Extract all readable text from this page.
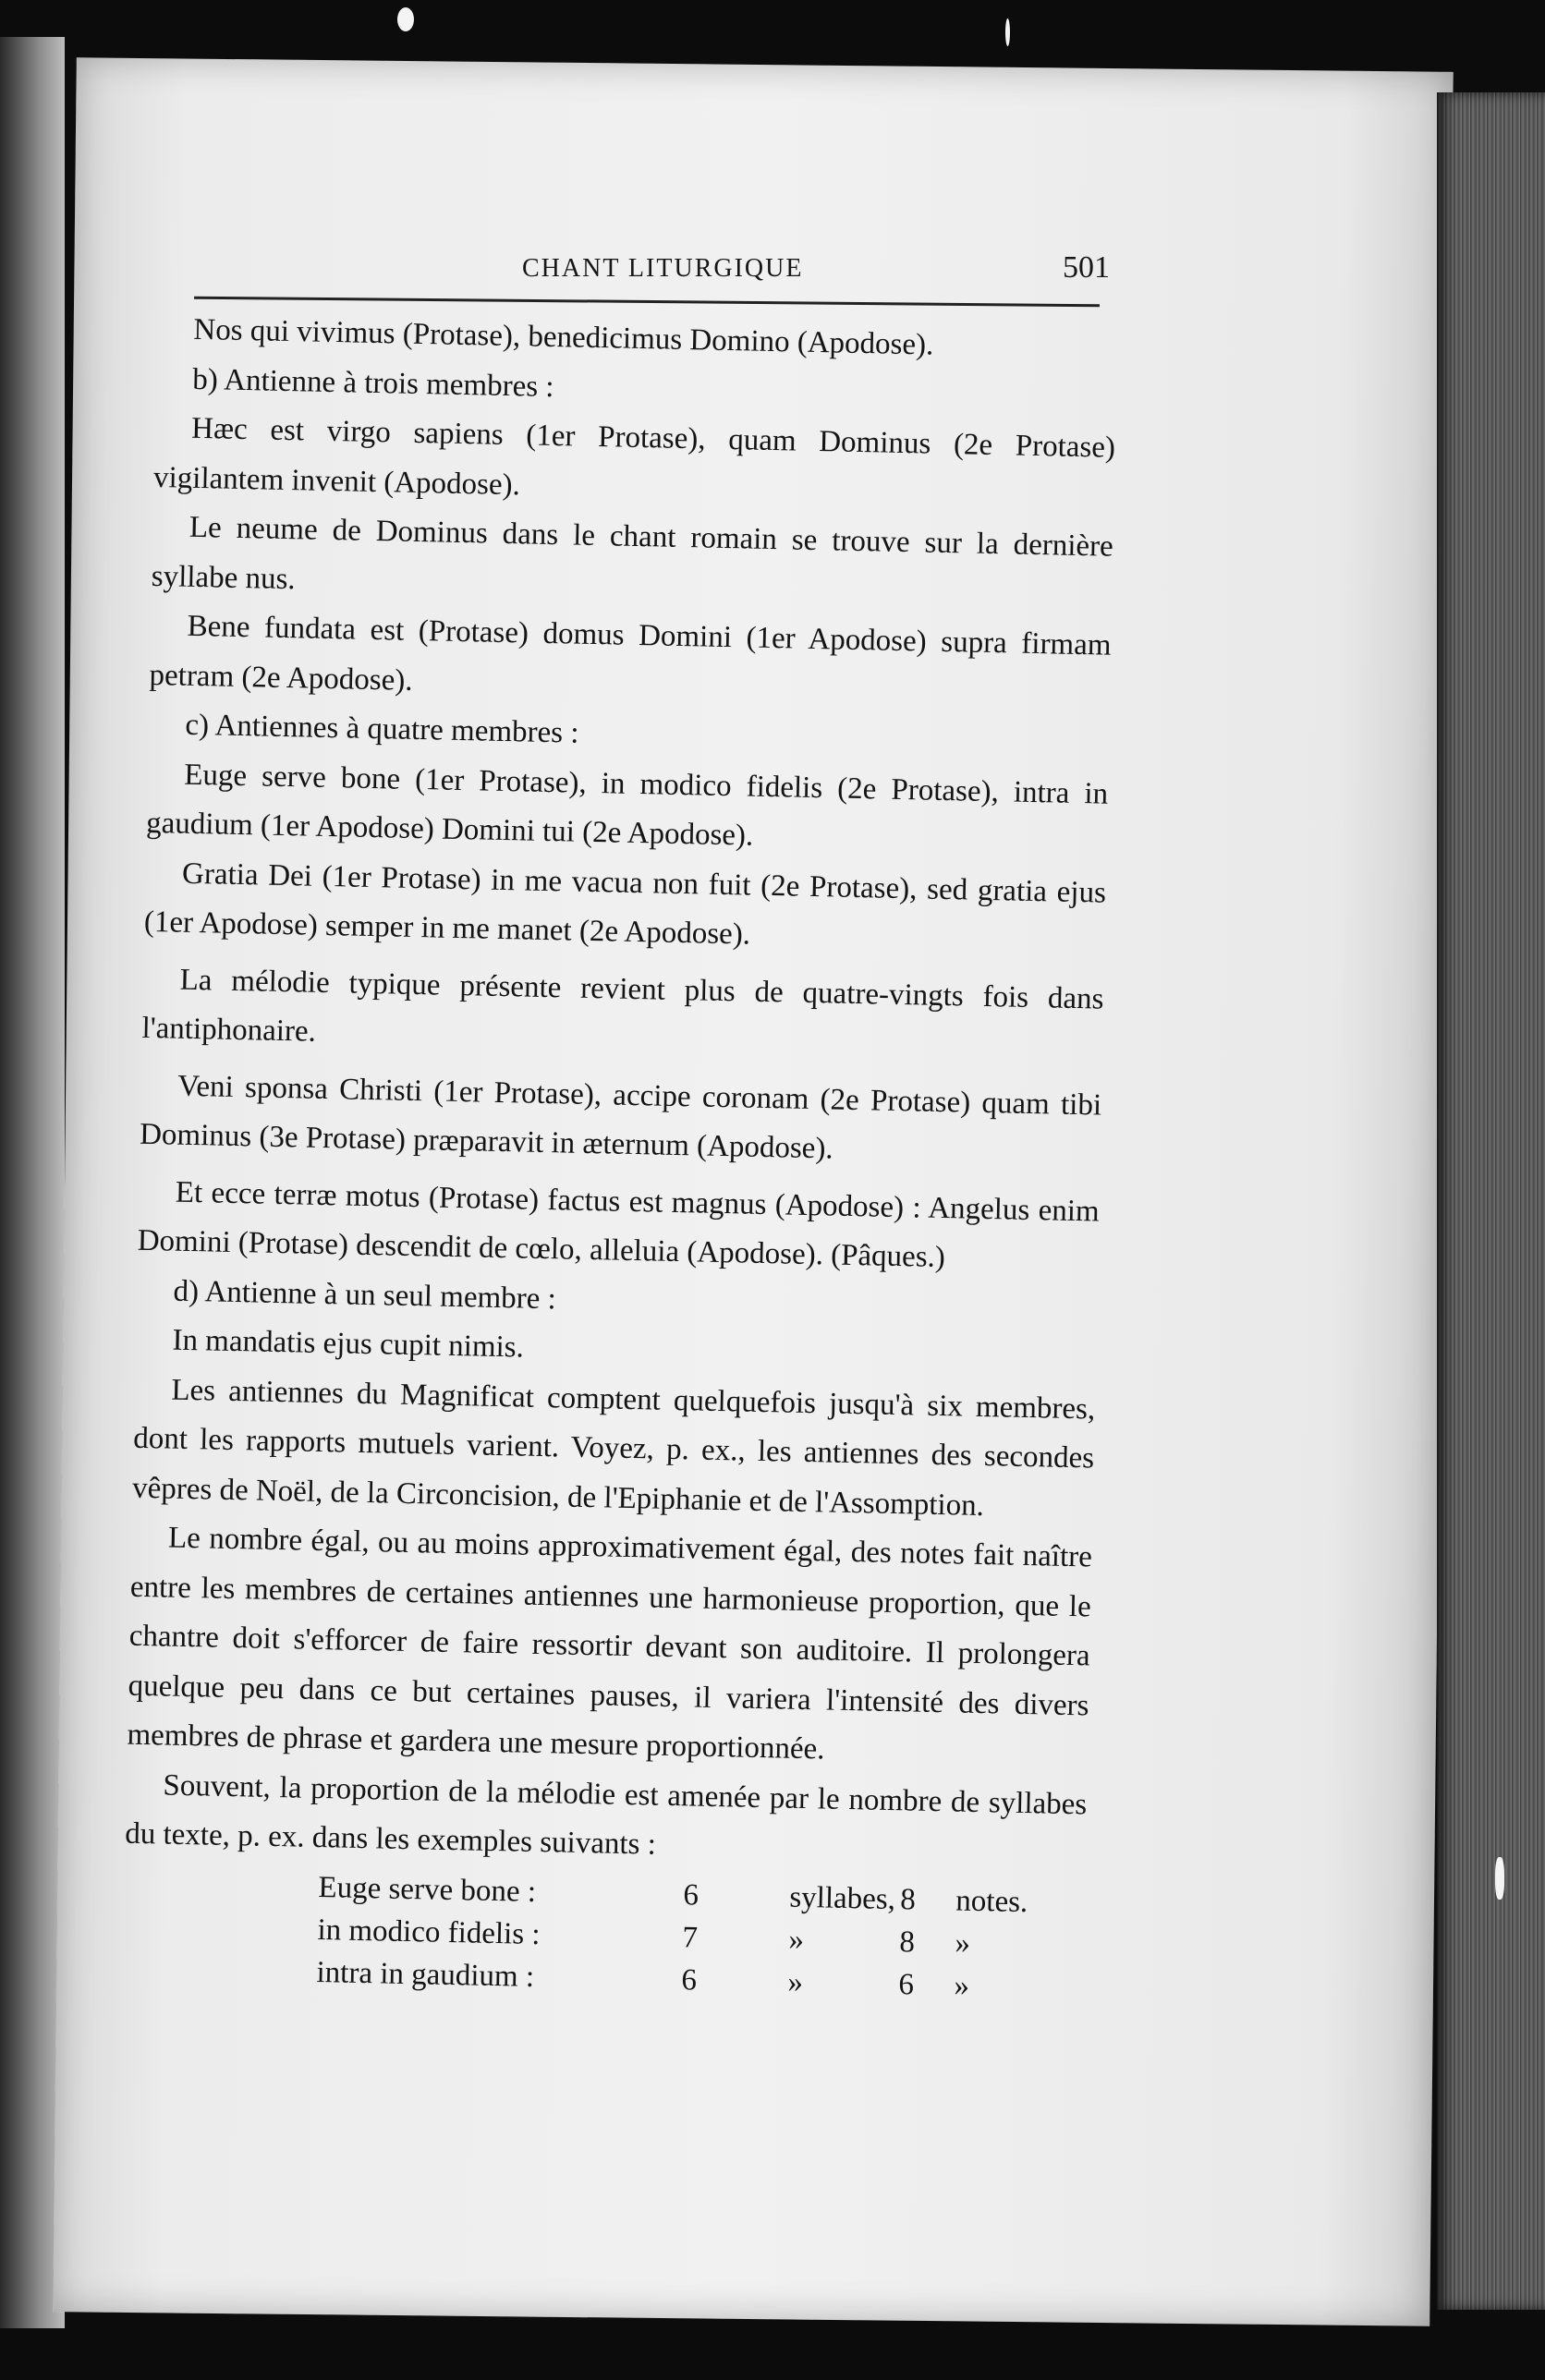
CHANT LITURGIQUE	501

Nos qui vivimus (Protase), benedicimus Domino (Apodose).

b) Antienne à trois membres :

Hæc est virgo sapiens (1er Protase), quam Dominus (2e Protase) vigilantem invenit (Apodose).

Le neume de Dominus dans le chant romain se trouve sur la dernière syllabe nus.

Bene fundata est (Protase) domus Domini (1er Apodose) supra firmam petram (2e Apodose).

c) Antiennes à quatre membres :

Euge serve bone (1er Protase), in modico fidelis (2e Protase), intra in gaudium (1er Apodose) Domini tui (2e Apodose).

Gratia Dei (1er Protase) in me vacua non fuit (2e Protase), sed gratia ejus (1er Apodose) semper in me manet (2e Apodose).

La mélodie typique présente revient plus de quatre-vingts fois dans l'antiphonaire.

Veni sponsa Christi (1er Protase), accipe coronam (2e Protase) quam tibi Dominus (3e Protase) præparavit in æternum (Apodose).

Et ecce terræ motus (Protase) factus est magnus (Apodose) : Angelus enim Domini (Protase) descendit de cœlo, alleluia (Apodose). (Pâques.)

d) Antienne à un seul membre :

In mandatis ejus cupit nimis.

Les antiennes du Magnificat comptent quelquefois jusqu'à six membres, dont les rapports mutuels varient. Voyez, p. ex., les antiennes des secondes vêpres de Noël, de la Circoncision, de l'Epiphanie et de l'Assomption.

Le nombre égal, ou au moins approximativement égal, des notes fait naître entre les membres de certaines antiennes une harmonieuse proportion, que le chantre doit s'efforcer de faire ressortir devant son auditoire. Il prolongera quelque peu dans ce but certaines pauses, il variera l'intensité des divers membres de phrase et gardera une mesure proportionnée.

Souvent, la proportion de la mélodie est amenée par le nombre de syllabes du texte, p. ex. dans les exemples suivants :

Euge serve bone :	6	syllabes,	8	notes.
in modico fidelis :	7	»	8	»
intra in gaudium :	6	»	6	»
